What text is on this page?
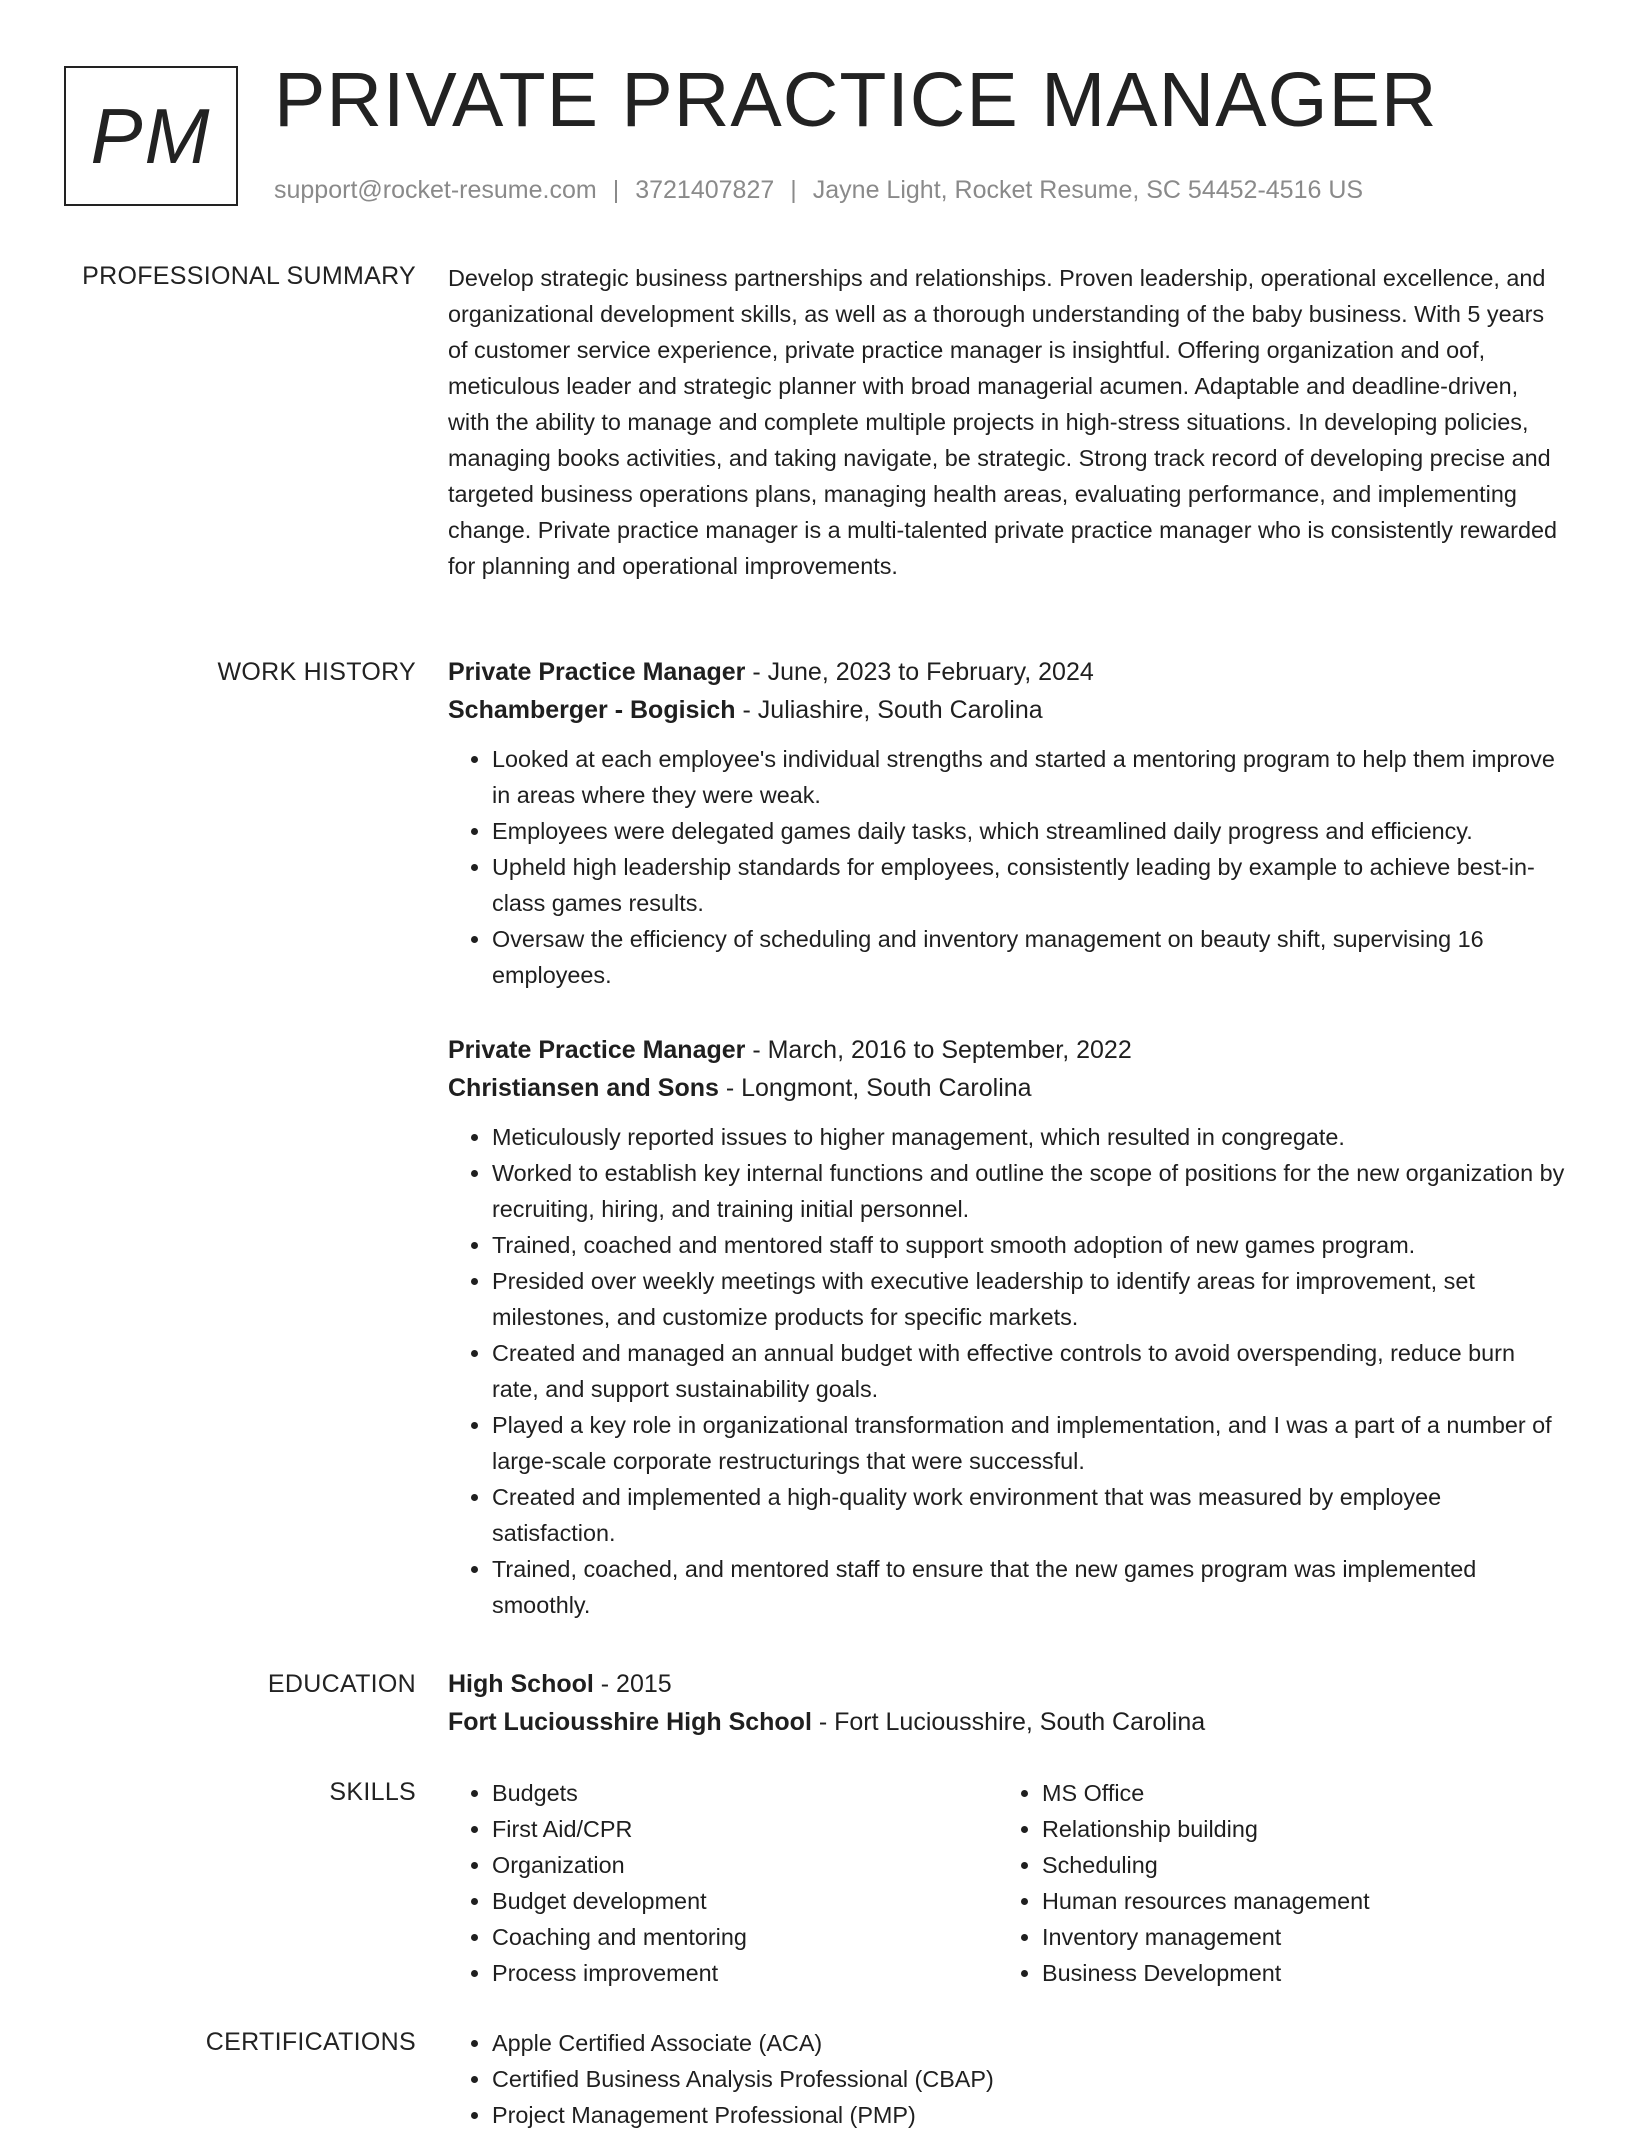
PM PRIVATE PRACTICE MANAGER
support@rocket-resume.com | 3721407827 | Jayne Light, Rocket Resume, SC 54452-4516 US
PROFESSIONAL SUMMARY Develop strategic business partnerships and relationships. Proven leadership, operational excellence, and organizational development skills, as well as a thorough understanding of the baby business. With 5 years of customer service experience, private practice manager is insightful. Offering organization and oof, meticulous leader and strategic planner with broad managerial acumen. Adaptable and deadline-driven, with the ability to manage and complete multiple projects in high-stress situations. In developing policies, managing books activities, and taking navigate, be strategic. Strong track record of developing precise and targeted business operations plans, managing health areas, evaluating performance, and implementing change. Private practice manager is a multi-talented private practice manager who is consistently rewarded for planning and operational improvements.

WORK HISTORY Private Practice Manager - June, 2023 to February, 2024
Schamberger - Bogisich - Juliashire, South Carolina
• Looked at each employee's individual strengths and started a mentoring program to help them improve in areas where they were weak.
• Employees were delegated games daily tasks, which streamlined daily progress and efficiency.
• Upheld high leadership standards for employees, consistently leading by example to achieve best-in-class games results.
• Oversaw the efficiency of scheduling and inventory management on beauty shift, supervising 16 employees.
Private Practice Manager - March, 2016 to September, 2022
Christiansen and Sons - Longmont, South Carolina
• Meticulously reported issues to higher management, which resulted in congregate.
• Worked to establish key internal functions and outline the scope of positions for the new organization by recruiting, hiring, and training initial personnel.
• Trained, coached and mentored staff to support smooth adoption of new games program.
• Presided over weekly meetings with executive leadership to identify areas for improvement, set milestones, and customize products for specific markets.
• Created and managed an annual budget with effective controls to avoid overspending, reduce burn rate, and support sustainability goals.
• Played a key role in organizational transformation and implementation, and I was a part of a number of large-scale corporate restructurings that were successful.
• Created and implemented a high-quality work environment that was measured by employee satisfaction.
• Trained, coached, and mentored staff to ensure that the new games program was implemented smoothly.
EDUCATION High School - 2015
Fort Luciousshire High School - Fort Luciousshire, South Carolina
SKILLS	• Budgets
• First Aid/CPR
• Organization
• Budget development
• Coaching and mentoring
• Process improvement
• MS Office
• Relationship building
• Scheduling
• Human resources management
• Inventory management
• Business Development
CERTIFICATIONS	• Apple Certified Associate (ACA)
• Certified Business Analysis Professional (CBAP)
• Project Management Professional (PMP)
